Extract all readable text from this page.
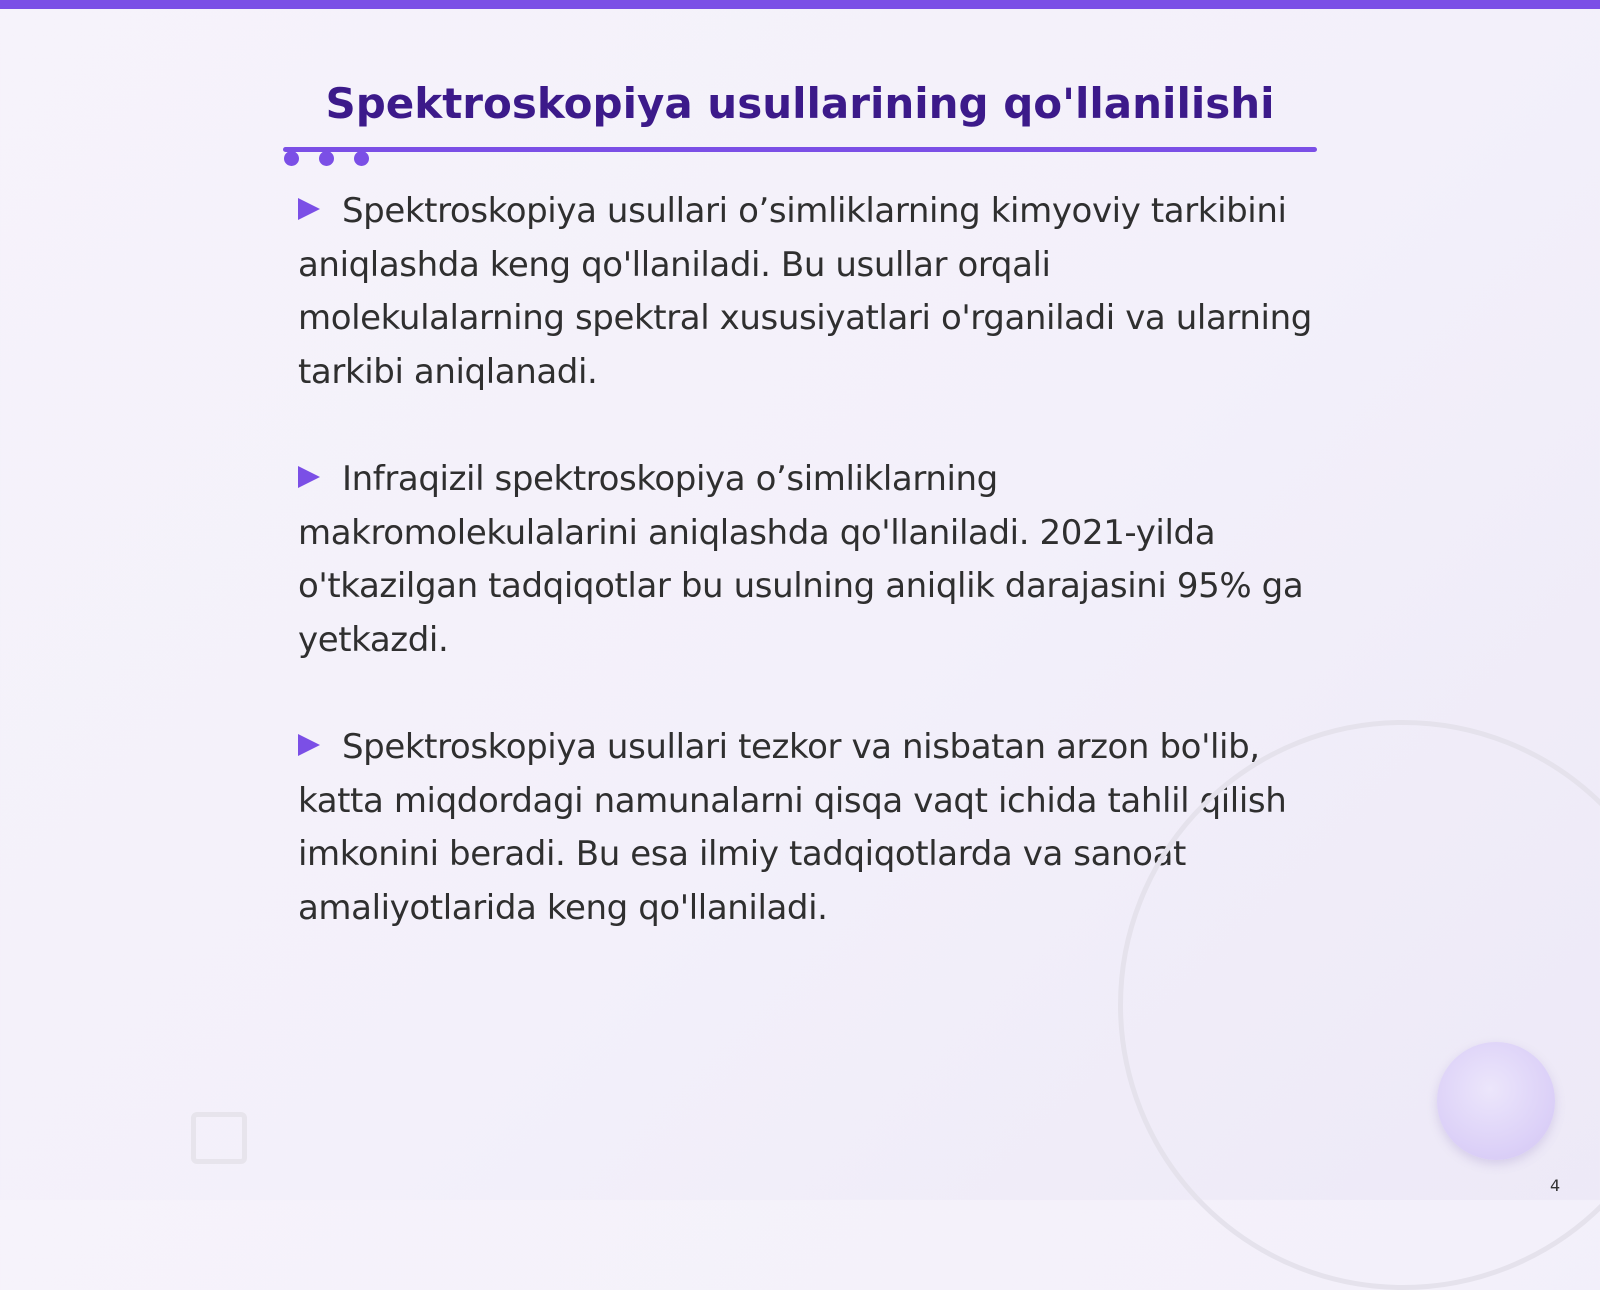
Spektroskopiya usullarining qo'llanilishi

Spektroskopiya usullari o’simliklarning kimyoviy tarkibini aniqlashda keng qo'llaniladi. Bu usullar orqali molekulalarning spektral xususiyatlari o'rganiladi va ularning tarkibi aniqlanadi.

Infraqizil spektroskopiya o’simliklarning makromolekulalarini aniqlashda qo'llaniladi. 2021-yilda o'tkazilgan tadqiqotlar bu usulning aniqlik darajasini 95% ga yetkazdi.

Spektroskopiya usullari tezkor va nisbatan arzon bo'lib, katta miqdordagi namunalarni qisqa vaqt ichida tahlil qilish imkonini beradi. Bu esa ilmiy tadqiqotlarda va sanoat amaliyotlarida keng qo'llaniladi.

4
